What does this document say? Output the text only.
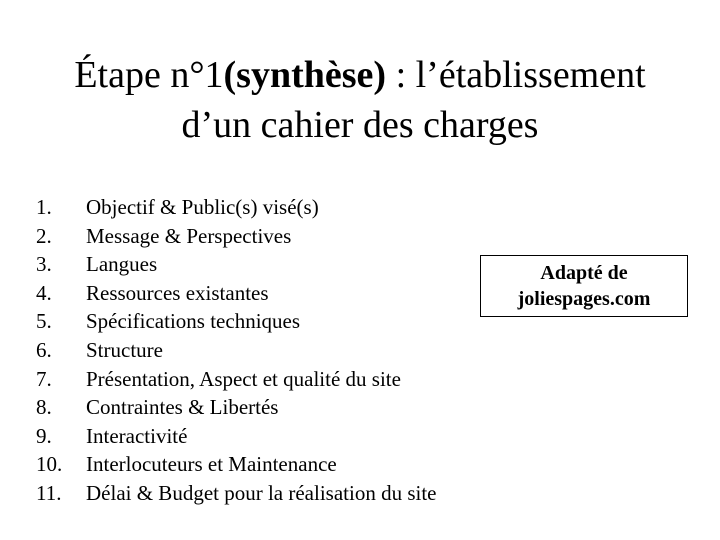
Étape n°1(synthèse) : l’établissement
d’un cahier des charges
1.	Objectif & Public(s) visé(s)
2.	Message & Perspectives
3.	Langues
4.	Ressources existantes
5.	Spécifications techniques
6.	Structure
7.	Présentation, Aspect et qualité du site
8.	Contraintes & Libertés
9.	Interactivité
10.	Interlocuteurs et Maintenance
11.	Délai & Budget pour la réalisation du site
Adapté de
joliespages.com
